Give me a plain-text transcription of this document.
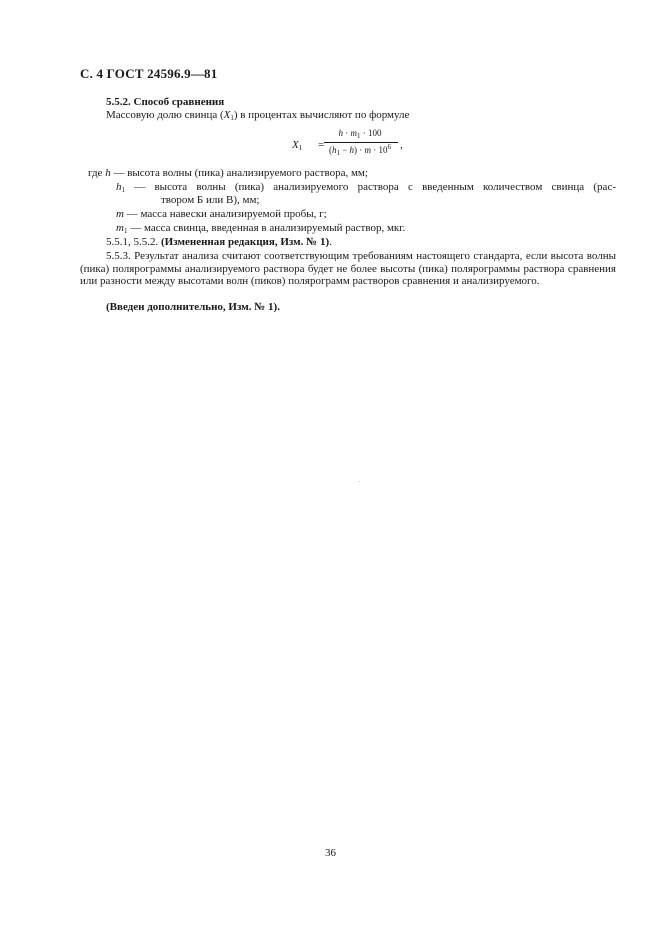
С. 4 ГОСТ 24596.9—81
5.5.2. Способ сравнения
Массовую долю свинца $(X_1)$ в процентах вычисляют по формуле
$X_1$ =
$h \cdot m_1 \cdot 100$
$(h_1 - h) \cdot m \cdot 10^6$ ,
где h — высота волны (пика) анализируемого раствора, мм;
$h_1$ — высота волны (пика) анализируемого раствора с введенным количеством свинца (рас-
твором Б или В), мм;
m — масса навески анализируемой пробы, г;
$m_1$ — масса свинца, введенная в анализируемый раствор, мкг.
5.5.1, 5.5.2. (Измененная редакция, Изм. № 1).
5.5.3. Результат анализа считают соответствующим требованиям настоящего стандарта, если высота волны (пика) полярограммы анализируемого раствора будет не более высоты (пика) полярограммы раствора сравнения или разности между высотами волн (пиков) полярограмм растворов сравнения и анализируемого.
(Введен дополнительно, Изм. № 1).
36
